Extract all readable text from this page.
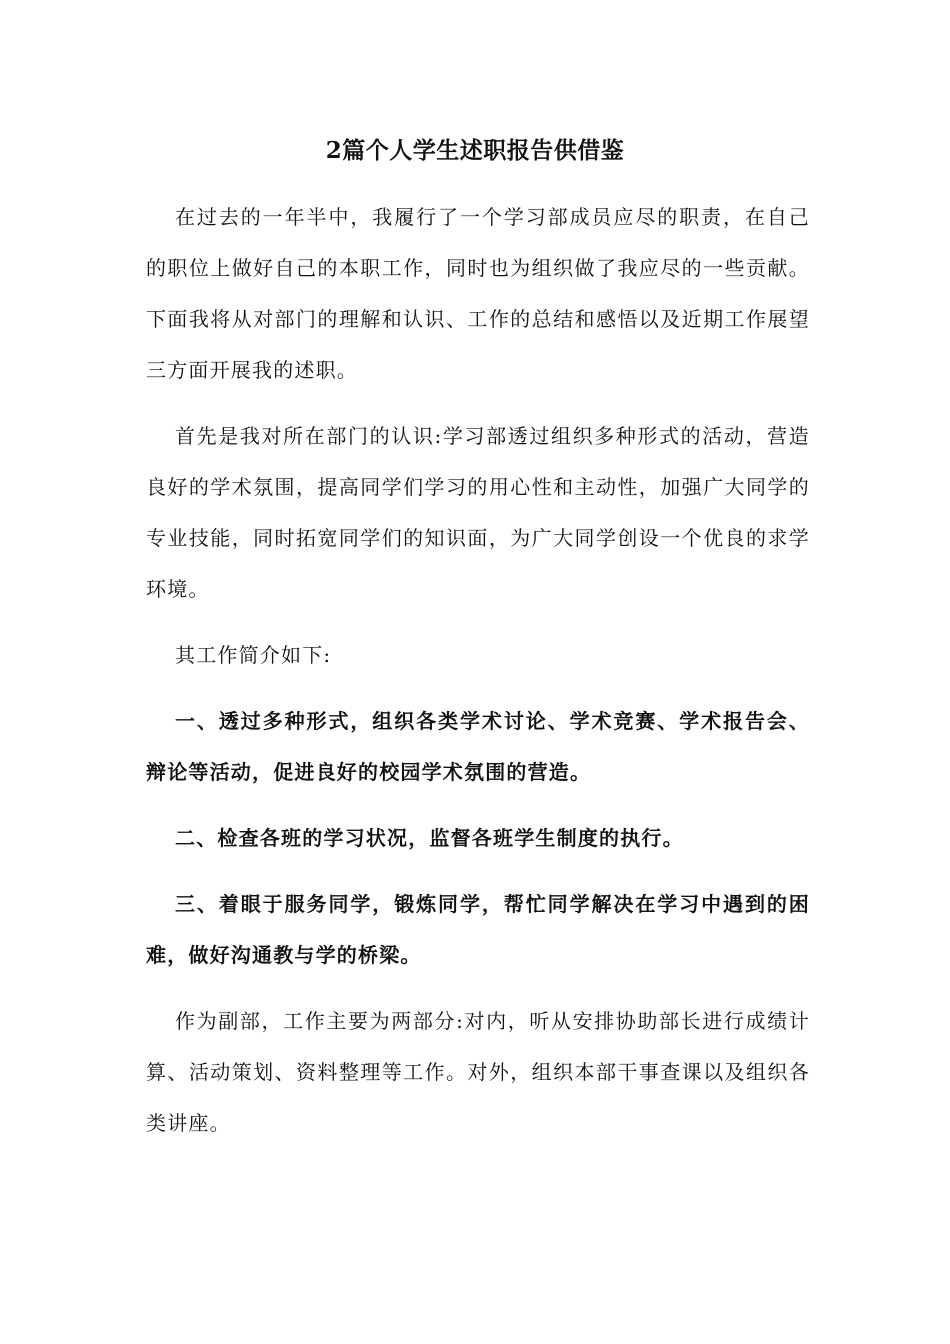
2篇个人学生述职报告供借鉴

在过去的一年半中，我履行了一个学习部成员应尽的职责，在自己的职位上做好自己的本职工作，同时也为组织做了我应尽的一些贡献。下面我将从对部门的理解和认识、工作的总结和感悟以及近期工作展望三方面开展我的述职。

首先是我对所在部门的认识:学习部透过组织多种形式的活动，营造良好的学术氛围，提高同学们学习的用心性和主动性，加强广大同学的专业技能，同时拓宽同学们的知识面，为广大同学创设一个优良的求学环境。

其工作简介如下:

一、透过多种形式，组织各类学术讨论、学术竞赛、学术报告会、辩论等活动，促进良好的校园学术氛围的营造。

二、检查各班的学习状况，监督各班学生制度的执行。

三、着眼于服务同学，锻炼同学，帮忙同学解决在学习中遇到的困难，做好沟通教与学的桥梁。

作为副部，工作主要为两部分:对内，听从安排协助部长进行成绩计算、活动策划、资料整理等工作。对外，组织本部干事查课以及组织各类讲座。
